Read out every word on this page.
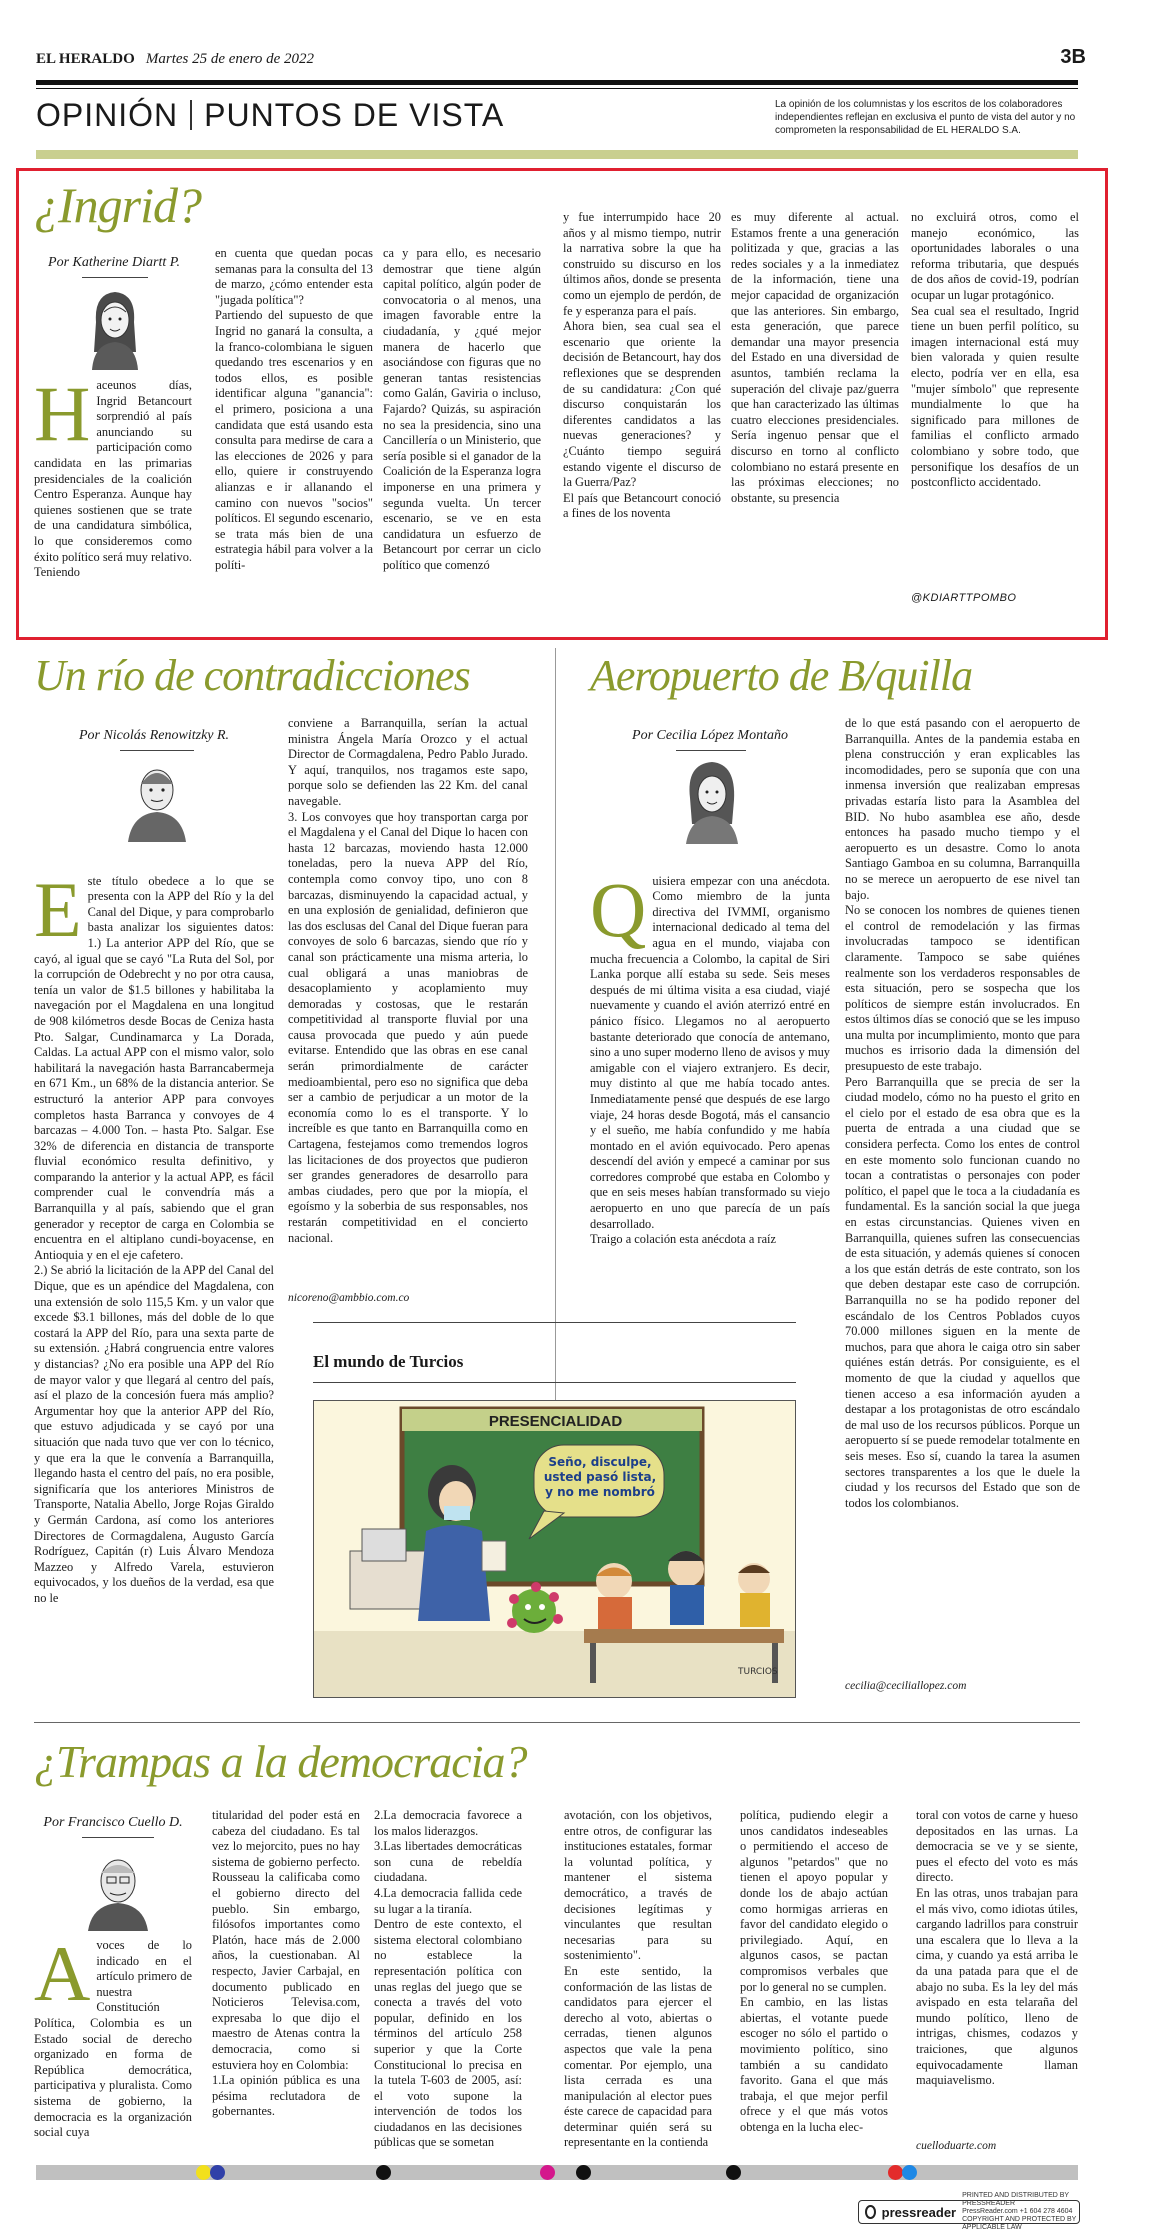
EL HERALDO Martes 25 de enero de 2022	3B
OPINIÓN PUNTOS DE VISTA	La opinión de los columnistas y los escritos de los colaboradores independientes reflejan en exclusiva el punto de vista del autor y no comprometen la responsabilidad de EL HERALDO S.A.
¿Ingrid?
Por Katherine Diartt P.
Haceunos días, Ingrid Betancourt sorprendió al país anunciando su participación como candidata en las primarias presidenciales de la coalición Centro Esperanza. Aunque hay quienes sostienen que se trate de una candidatura simbólica, lo que consideremos como éxito político será muy relativo. Teniendo
en cuenta que quedan pocas semanas para la consulta del 13 de marzo, ¿cómo entender esta "jugada política"?
Partiendo del supuesto de que Ingrid no ganará la consulta, a la franco-colombiana le siguen quedando tres escenarios y en todos ellos, es posible identificar alguna "ganancia": el primero, posiciona a una candidata que está usando esta consulta para medirse de cara a las elecciones de 2026 y para ello, quiere ir construyendo alianzas e ir allanando el camino con nuevos "socios" políticos. El segundo escenario, se trata más bien de una estrategia hábil para volver a la políti-
ca y para ello, es necesario demostrar que tiene algún capital político, algún poder de convocatoria o al menos, una imagen favorable entre la ciudadanía, y ¿qué mejor manera de hacerlo que asociándose con figuras que no generan tantas resistencias como Galán, Gaviria o incluso, Fajardo? Quizás, su aspiración no sea la presidencia, sino una Cancillería o un Ministerio, que sería posible si el ganador de la Coalición de la Esperanza logra imponerse en una primera y segunda vuelta. Un tercer escenario, se ve en esta candidatura un esfuerzo de Betancourt por cerrar un ciclo político que comenzó
y fue interrumpido hace 20 años y al mismo tiempo, nutrir la narrativa sobre la que ha construido su discurso en los últimos años, donde se presenta como un ejemplo de perdón, de fe y esperanza para el país.
Ahora bien, sea cual sea el escenario que oriente la decisión de Betancourt, hay dos reflexiones que se desprenden de su candidatura: ¿Con qué discurso conquistarán los diferentes candidatos a las nuevas generaciones? y ¿Cuánto tiempo seguirá estando vigente el discurso de la Guerra/Paz?
El país que Betancourt conoció a fines de los noventa
es muy diferente al actual. Estamos frente a una generación politizada y que, gracias a las redes sociales y a la inmediatez de la información, tiene una mejor capacidad de organización que las anteriores. Sin embargo, esta generación, que parece demandar una mayor presencia del Estado en una diversidad de asuntos, también reclama la superación del clivaje paz/guerra que han caracterizado las últimas cuatro elecciones presidenciales. Sería ingenuo pensar que el discurso en torno al conflicto colombiano no estará presente en las próximas elecciones; no obstante, su presencia
no excluirá otros, como el manejo económico, las oportunidades laborales o una reforma tributaria, que después de dos años de covid-19, podrían ocupar un lugar protagónico.
Sea cual sea el resultado, Ingrid tiene un buen perfil político, su imagen internacional está muy bien valorada y quien resulte electo, podría ver en ella, esa "mujer símbolo" que represente mundialmente lo que ha significado para millones de familias el conflicto armado colombiano y sobre todo, que personifique los desafíos de un postconflicto accidentado.
@KDIARTTPOMBO
Un río de contradicciones
Por Nicolás Renowitzky R.

Este título obedece a lo que se presenta con la APP del Río y la del Canal del Dique, y para comprobarlo basta analizar los siguientes datos: 1.) La anterior APP del Río, que se cayó, al igual que se cayó "La Ruta del Sol, por la corrupción de Odebrecht y no por otra causa, tenía un valor de $1.5 billones y habilitaba la navegación por el Magdalena en una longitud de 908 kilómetros desde Bocas de Ceniza hasta Pto. Salgar, Cundinamarca y La Dorada, Caldas. La actual APP con el mismo valor, solo habilitará la navegación hasta Barrancabermeja en 671 Km., un 68% de la distancia anterior. Se estructuró la anterior APP para convoyes completos hasta Barranca y convoyes de 4 barcazas – 4.000 Ton. – hasta Pto. Salgar. Ese 32% de diferencia en distancia de transporte fluvial económico resulta definitivo, y comparando la anterior y la actual APP, es fácil comprender cual le convendría más a Barranquilla y al país, sabiendo que el gran generador y receptor de carga en Colombia se encuentra en el altiplano cundi-boyacense, en Antioquia y en el eje cafetero.
2.) Se abrió la licitación de la APP del Canal del Dique, que es un apéndice del Magdalena, con una extensión de solo 115,5 Km. y un valor que excede $3.1 billones, más del doble de lo que costará la APP del Río, para una sexta parte de su extensión. ¿Habrá congruencia entre valores y distancias? ¿No era posible una APP del Río de mayor valor y que llegará al centro del país, así el plazo de la concesión fuera más amplio? Argumentar hoy que la anterior APP del Río, que estuvo adjudicada y se cayó por una situación que nada tuvo que ver con lo técnico, y que era la que le convenía a Barranquilla, llegando hasta el centro del país, no era posible, significaría que los anteriores Ministros de Transporte, Natalia Abello, Jorge Rojas Giraldo y Germán Cardona, así como los anteriores Directores de Cormagdalena, Augusto García Rodríguez, Capitán (r) Luis Álvaro Mendoza Mazzeo y Alfredo Varela, estuvieron equivocados, y los dueños de la verdad, esa que no le

conviene a Barranquilla, serían la actual ministra Ángela María Orozco y el actual Director de Cormagdalena, Pedro Pablo Jurado. Y aquí, tranquilos, nos tragamos este sapo, porque solo se defienden las 22 Km. del canal navegable.
3. Los convoyes que hoy transportan carga por el Magdalena y el Canal del Dique lo hacen con hasta 12 barcazas, moviendo hasta 12.000 toneladas, pero la nueva APP del Río, contempla como convoy tipo, uno con 8 barcazas, disminuyendo la capacidad actual, y en una explosión de genialidad, definieron que las dos esclusas del Canal del Dique fueran para convoyes de solo 6 barcazas, siendo que río y canal son prácticamente una misma arteria, lo cual obligará a unas maniobras de desacoplamiento y acoplamiento muy demoradas y costosas, que le restarán competitividad al transporte fluvial por una causa provocada que puedo y aún puede evitarse. Entendido que las obras en ese canal serán primordialmente de carácter medioambiental, pero eso no significa que deba ser a cambio de perjudicar a un motor de la economía como lo es el transporte. Y lo increíble es que tanto en Barranquilla como en Cartagena, festejamos como tremendos logros las licitaciones de dos proyectos que pudieron ser grandes generadores de desarrollo para ambas ciudades, pero que por la miopía, el egoísmo y la soberbia de sus responsables, nos restarán competitividad en el concierto nacional.
nicoreno@ambbio.com.co
El mundo de Turcios
PRESENCIALIDAD
Seño, disculpe, usted pasó lista, y no me nombró
TURCIOS
Aeropuerto de B/quilla
Por Cecilia López Montaño

Quisiera empezar con una anécdota. Como miembro de la junta directiva del IVMMI, organismo internacional dedicado al tema del agua en el mundo, viajaba con mucha frecuencia a Colombo, la capital de Siri Lanka porque allí estaba su sede. Seis meses después de mi última visita a esa ciudad, viajé nuevamente y cuando el avión aterrizó entré en pánico físico. Llegamos no al aeropuerto bastante deteriorado que conocía de antemano, sino a uno super moderno lleno de avisos y muy amigable con el viajero extranjero. Es decir, muy distinto al que me había tocado antes. Inmediatamente pensé que después de ese largo viaje, 24 horas desde Bogotá, más el cansancio y el sueño, me había confundido y me había montado en el avión equivocado. Pero apenas descendí del avión y empecé a caminar por sus corredores comprobé que estaba en Colombo y que en seis meses habían transformado su viejo aeropuerto en uno que parecía de un país desarrollado.
Traigo a colación esta anécdota a raíz

de lo que está pasando con el aeropuerto de Barranquilla. Antes de la pandemia estaba en plena construcción y eran explicables las incomodidades, pero se suponía que con una inmensa inversión que realizaban empresas privadas estaría listo para la Asamblea del BID. No hubo asamblea ese año, desde entonces ha pasado mucho tiempo y el aeropuerto es un desastre. Como lo anota Santiago Gamboa en su columna, Barranquilla no se merece un aeropuerto de ese nivel tan bajo.
No se conocen los nombres de quienes tienen el control de remodelación y las firmas involucradas tampoco se identifican claramente. Tampoco se sabe quiénes realmente son los verdaderos responsables de esta situación, pero se sospecha que los políticos de siempre están involucrados. En estos últimos días se conoció que se les impuso una multa por incumplimiento, monto que para muchos es irrisorio dada la dimensión del presupuesto de este trabajo.
Pero Barranquilla que se precia de ser la ciudad modelo, cómo no ha puesto el grito en el cielo por el estado de esa obra que es la puerta de entrada a una ciudad que se considera perfecta. Como los entes de control en este momento solo funcionan cuando no tocan a contratistas o personajes con poder político, el papel que le toca a la ciudadanía es fundamental. Es la sanción social la que juega en estas circunstancias. Quienes viven en Barranquilla, quienes sufren las consecuencias de esta situación, y además quienes sí conocen a los que están detrás de este contrato, son los que deben destapar este caso de corrupción. Barranquilla no se ha podido reponer del escándalo de los Centros Poblados cuyos 70.000 millones siguen en la mente de muchos, para que ahora le caiga otro sin saber quiénes están detrás. Por consiguiente, es el momento de que la ciudad y aquellos que tienen acceso a esa información ayuden a destapar a los protagonistas de otro escándalo de mal uso de los recursos públicos. Porque un aeropuerto sí se puede remodelar totalmente en seis meses. Eso sí, cuando la tarea la asumen sectores transparentes a los que le duele la ciudad y los recursos del Estado que son de todos los colombianos.
cecilia@ceciliallopez.com
¿Trampas a la democracia?
Por Francisco Cuello D.
Avoces de lo indicado en el artículo primero de nuestra Constitución Política, Colombia es un Estado social de derecho organizado en forma de República democrática, participativa y pluralista. Como sistema de gobierno, la democracia es la organización social cuya
titularidad del poder está en cabeza del ciudadano. Es tal vez lo mejorcito, pues no hay sistema de gobierno perfecto. Rousseau la calificaba como el gobierno directo del pueblo. Sin embargo, filósofos importantes como Platón, hace más de 2.000 años, la cuestionaban. Al respecto, Javier Carbajal, en documento publicado en Noticieros Televisa.com, expresaba lo que dijo el maestro de Atenas contra la democracia, como si estuviera hoy en Colombia:
1.La opinión pública es una pésima reclutadora de gobernantes.
2.La democracia favorece a los malos liderazgos.
3.Las libertades democráticas son cuna de rebeldía ciudadana.
4.La democracia fallida cede su lugar a la tiranía.
Dentro de este contexto, el sistema electoral colombiano no establece la representación política con unas reglas del juego que se conecta a través del voto popular, definido en los términos del artículo 258 superior y que la Corte Constitucional lo precisa en la tutela T-603 de 2005, así: el voto supone la intervención de todos los ciudadanos en las decisiones públicas que se sometan
avotación, con los objetivos, entre otros, de configurar las instituciones estatales, formar la voluntad política, y mantener el sistema democrático, a través de decisiones legítimas y vinculantes que resultan necesarias para su sostenimiento".
En este sentido, la conformación de las listas de candidatos para ejercer el derecho al voto, abiertas o cerradas, tienen algunos aspectos que vale la pena comentar. Por ejemplo, una lista cerrada es una manipulación al elector pues éste carece de capacidad para determinar quién será su representante en la contienda
política, pudiendo elegir a unos candidatos indeseables o permitiendo el acceso de algunos "petardos" que no tienen el apoyo popular y donde los de abajo actúan como hormigas arrieras en favor del candidato elegido o privilegiado. Aquí, en algunos casos, se pactan compromisos verbales que por lo general no se cumplen.
En cambio, en las listas abiertas, el votante puede escoger no sólo el partido o movimiento político, sino también a su candidato favorito. Gana el que más trabaja, el que mejor perfil ofrece y el que más votos obtenga en la lucha elec-
toral con votos de carne y hueso depositados en las urnas. La democracia se ve y se siente, pues el efecto del voto es más directo.
En las otras, unos trabajan para el más vivo, como idiotas útiles, cargando ladrillos para construir una escalera que lo lleva a la cima, y cuando ya está arriba le da una patada para que el de abajo no suba. Es la ley del más avispado en esta telaraña del mundo político, lleno de intrigas, chismes, codazos y traiciones, que algunos equivocadamente llaman maquiavelismo.
cuelloduarte.com
pressreader
PRINTED AND DISTRIBUTED BY PRESSREADER
PressReader.com +1 604 278 4604
COPYRIGHT AND PROTECTED BY APPLICABLE LAW
